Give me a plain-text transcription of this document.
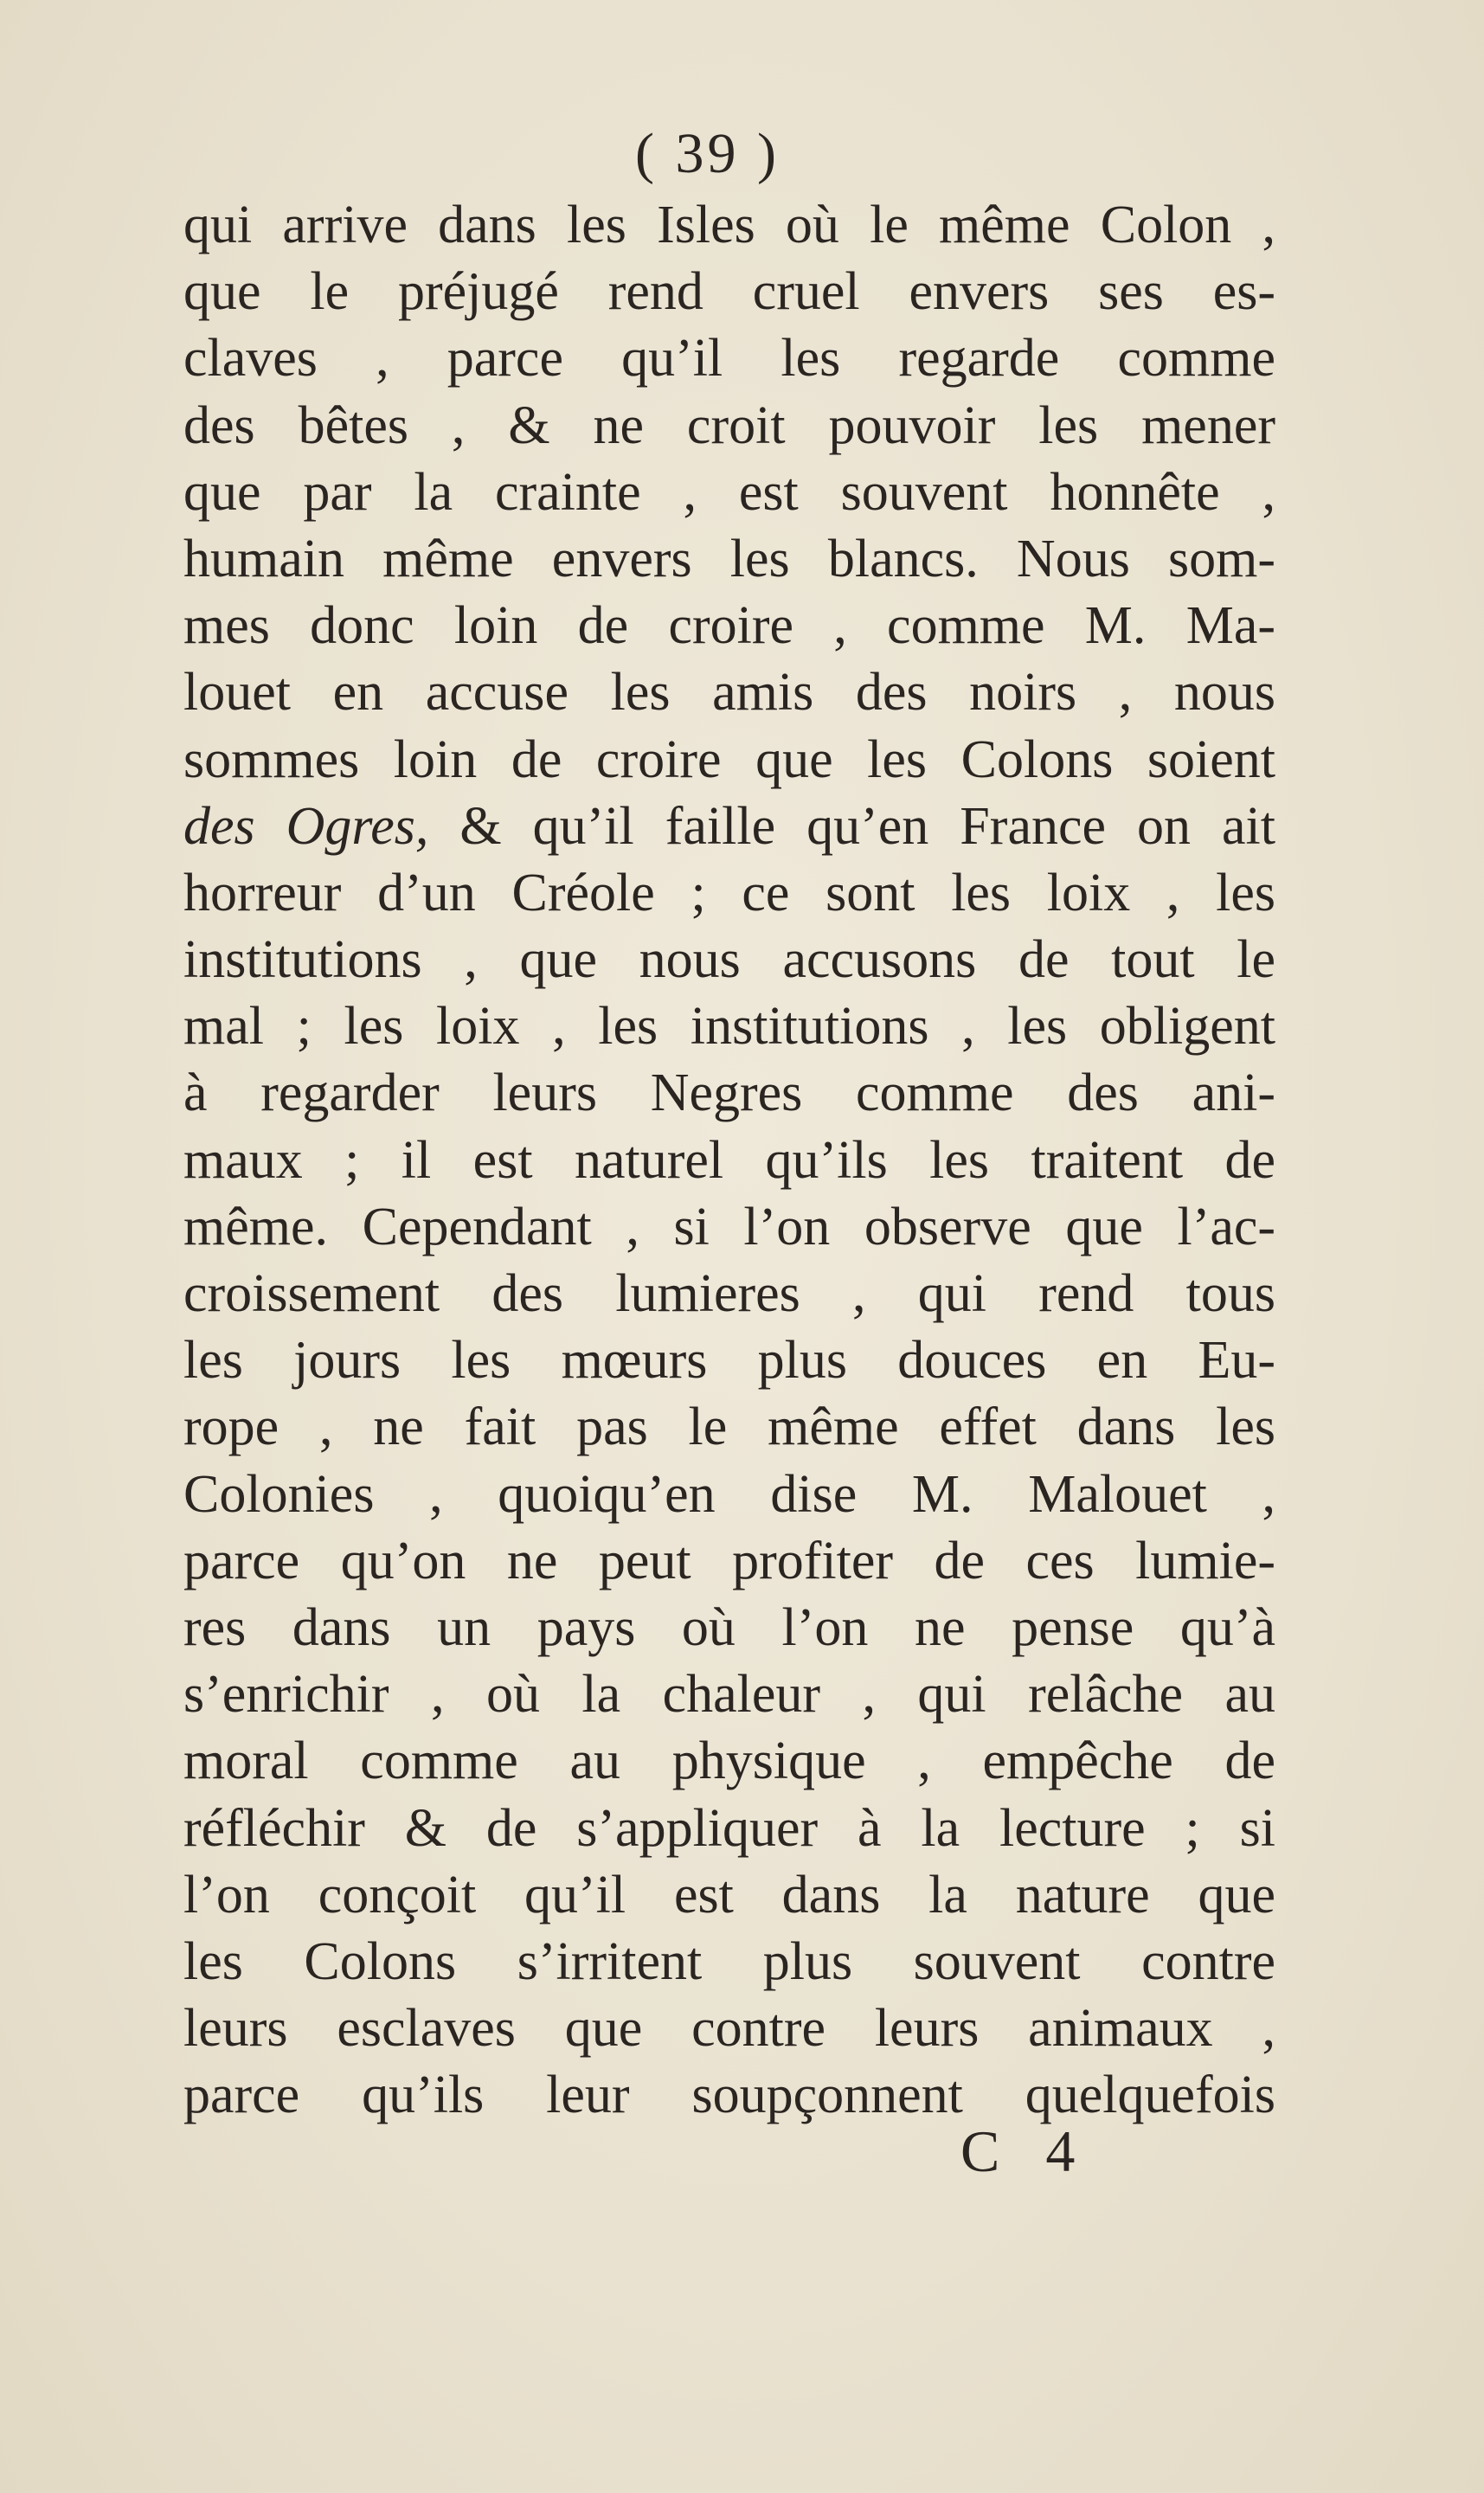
( 39 )
qui arrive dans les Isles où le même Colon ,
que le préjugé rend cruel envers ses es-
claves , parce qu’il les regarde comme
des bêtes , & ne croit pouvoir les mener
que par la crainte , est souvent honnête ,
humain même envers les blancs. Nous som-
mes donc loin de croire , comme M. Ma-
louet en accuse les amis des noirs , nous
sommes loin de croire que les Colons soient
des Ogres, & qu’il faille qu’en France on ait
horreur d’un Créole ; ce sont les loix , les
institutions , que nous accusons de tout le
mal ; les loix , les institutions , les obligent
à regarder leurs Negres comme des ani-
maux ; il est naturel qu’ils les traitent de
même. Cependant , si l’on observe que l’ac-
croissement des lumieres , qui rend tous
les jours les mœurs plus douces en Eu-
rope , ne fait pas le même effet dans les
Colonies , quoiqu’en dise M. Malouet ,
parce qu’on ne peut profiter de ces lumie-
res dans un pays où l’on ne pense qu’à
s’enrichir , où la chaleur , qui relâche au
moral comme au physique , empêche de
réfléchir & de s’appliquer à la lecture ; si
l’on conçoit qu’il est dans la nature que
les Colons s’irritent plus souvent contre
leurs esclaves que contre leurs animaux ,
parce qu’ils leur soupçonnent quelquefois
C 4
